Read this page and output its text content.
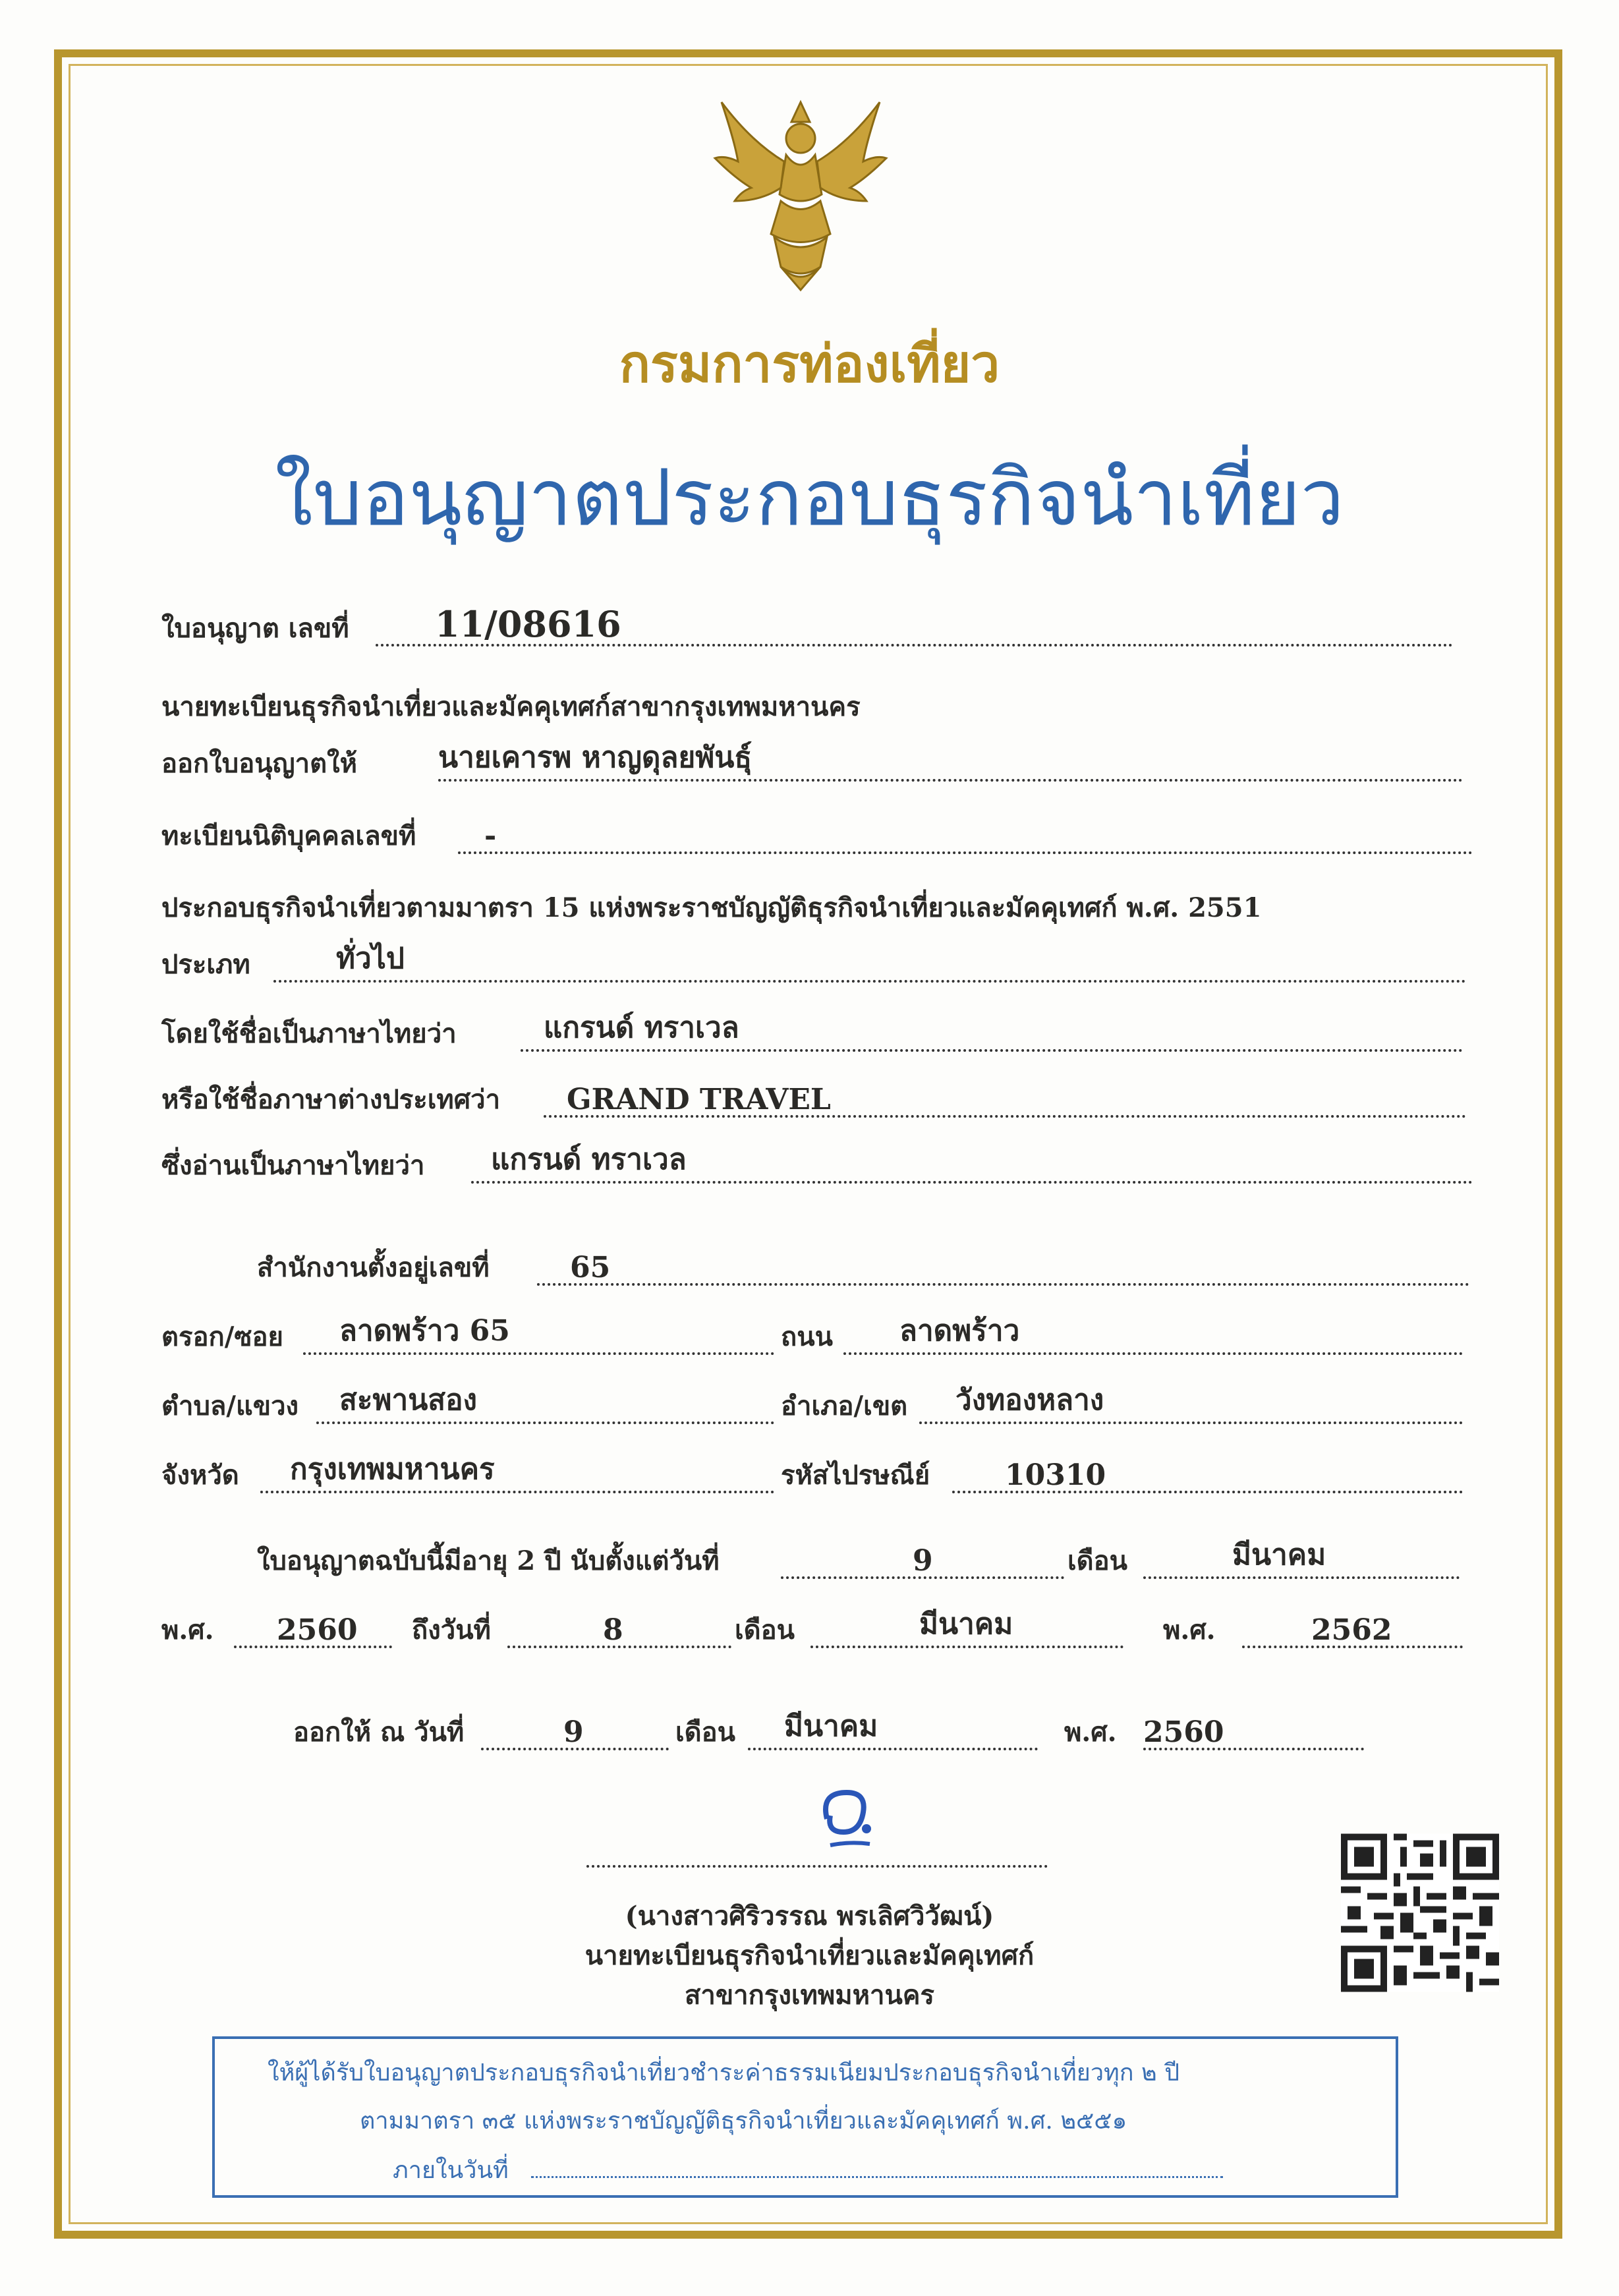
กรมการท่องเที่ยว
ใบอนุญาตประกอบธุรกิจนำเที่ยว
ใบอนุญาต เลขที่ 11/08616
นายทะเบียนธุรกิจนำเที่ยวและมัคคุเทศก์สาขากรุงเทพมหานคร
ออกใบอนุญาตให้	นายเคารพ หาญดุลยพันธุ์
ทะเบียนนิติบุคคลเลขที่ -
ประกอบธุรกิจนำเที่ยวตามมาตรา 15 แห่งพระราชบัญญัติธุรกิจนำเที่ยวและมัคคุเทศก์ พ.ศ. 2551
ประเภท	ทั่วไป
โดยใช้ชื่อเป็นภาษาไทยว่า	แกรนด์ ทราเวล
หรือใช้ชื่อภาษาต่างประเทศว่า GRAND TRAVEL
ซึ่งอ่านเป็นภาษาไทยว่า แกรนด์ ทราเวล
สำนักงานตั้งอยู่เลขที่	65
ตรอก/ซอย ลาดพร้าว 65	ถนน ลาดพร้าว
ตำบล/แขวง สะพานสอง	อำเภอ/เขต วังทองหลาง
จังหวัด กรุงเทพมหานคร	รหัสไปรษณีย์	10310
ใบอนุญาตฉบับนี้มีอายุ 2 ปี นับตั้งแต่วันที่	9	เดือน	มีนาคม
พ.ศ. 2560 ถึงวันที่	8	เดือน	มีนาคม	พ.ศ.	2562
ออกให้ ณ วันที่	9	เดือน มีนาคม	พ.ศ. 2560
(นางสาวศิริวรรณ พรเลิศวิวัฒน์)
นายทะเบียนธุรกิจนำเที่ยวและมัคคุเทศก์
สาขากรุงเทพมหานคร
ให้ผู้ได้รับใบอนุญาตประกอบธุรกิจนำเที่ยวชำระค่าธรรมเนียมประกอบธุรกิจนำเที่ยวทุก ๒ ปี
ตามมาตรา ๓๕ แห่งพระราชบัญญัติธุรกิจนำเที่ยวและมัคคุเทศก์ พ.ศ. ๒๕๕๑
ภายในวันที่
